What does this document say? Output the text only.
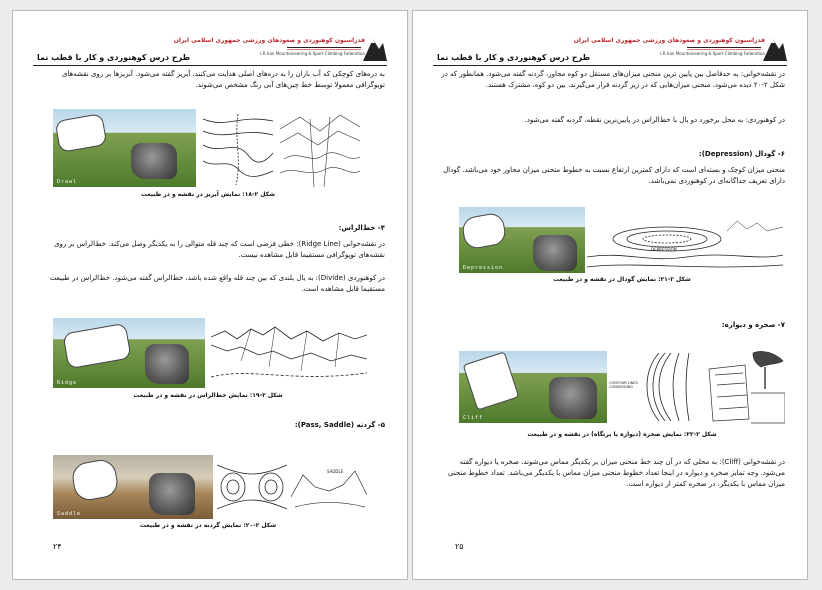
طرح درس کوهنوردی و کار با قطب نما
فدراسیون کوهنوردی و صعودهای ورزشی جمهوری اسلامی ایران
I.R.Iran Mountaineering & Sport Climbing Federation

به دره‌های کوچکی که آب باران را به دره‌های اصلی هدایت می‌کنند، آبریز گفته می‌شود. آبریزها بر روی نقشه‌های توپوگرافی معمولا توسط خط چین‌های آبی رنگ مشخص می‌شوند.

Drawl
شکل ۲-۱۸: نمایش آبریز در نقشه و در طبیعت

۴- خط‌الراس:

در نقشه‌خوانی (Ridge Line): خطی فرضی است که چند قله متوالی را به یکدیگر وصل می‌کند. خط‌الراس بر روی نقشه‌های توپوگرافی مستقیما قابل مشاهده نیست.

در کوهنوردی (Divide): به یال بلندی که بین چند قله واقع شده باشد، خط‌الراس گفته می‌شود. خط‌الراس در طبیعت مستقیما قابل مشاهده است.

Ridge
شکل ۲-۱۹: نمایش خط‌الراس در نقشه و در طبیعت

۵- گردنه (Pass, Saddle):

Saddle
SADDLE
شکل ۲-۲۰: نمایش گردنه در نقشه و در طبیعت
۲۴
طرح درس کوهنوردی و کار با قطب نما
فدراسیون کوهنوردی و صعودهای ورزشی جمهوری اسلامی ایران
I.R.Iran Mountaineering & Sport Climbing Federation

در نقشه‌خوانی: به حدفاصل بین پایین ترین منحنی میزان‌های مستقل دو کوه مجاور، گردنه گفته می‌شود. همانطور که در شکل ۲-۲۰ دیده می‌شود، منحنی میزان‌هایی که در زیر گردنه قرار می‌گیرند، بین دو کوه، مشترک هستند.

در کوهنوردی: به محل برخورد دو یال با خط‌الراس در پایین‌ترین نقطه، گردنه گفته می‌شود.

۶- گودال (Depression):

منحنی میزان کوچک و بسته‌ای است که دارای کمترین ارتفاع نسبت به خطوط منحنی میزان مجاور خود می‌باشد. گودال دارای تعریف جداگانه‌ای در کوهنوردی نمی‌باشد.

Depression
DEPRESSION
شکل ۲-۲۱: نمایش گودال در نقشه و در طبیعت

۷- صخره و دیواره:

Cliff
CONTOUR LINES CONVERGING
شکل ۲-۲۲: نمایش صخره (دیواره یا پرتگاه) در نقشه و در طبیعت

در نقشه‌خوانی (Cliff): به محلی که در آن چند خط منحنی میزان بر یکدیگر مماس می‌شوند، صخره یا دیواره گفته می‌شود. وجه تمایز صخره و دیواره در اینجا تعداد خطوط منحنی میزان مماس با یکدیگر می‌باشد. تعداد خطوط منحنی میزان مماس با یکدیگر، در صخره کمتر از دیواره است.

۲۵
